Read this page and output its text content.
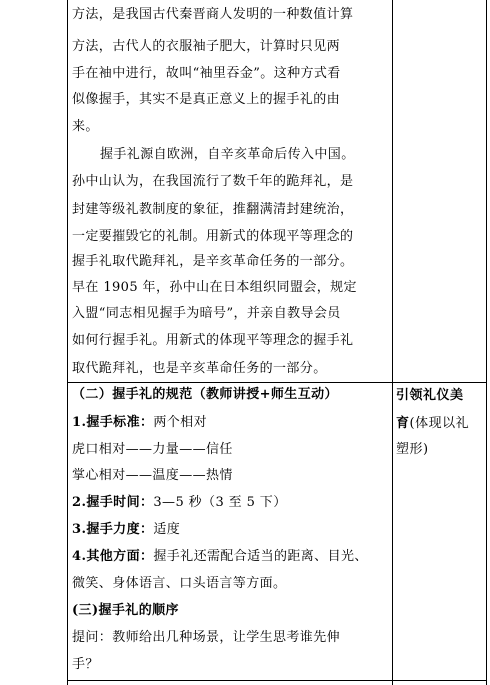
方法，是我国古代秦晋商人发明的一种数值计算
方法，古代人的衣服袖子肥大，计算时只见两
手在袖中进行，故叫“袖里吞金”。这种方式看
似像握手，其实不是真正意义上的握手礼的由
来。
握手礼源自欧洲，自辛亥革命后传入中国。
孙中山认为，在我国流行了数千年的跪拜礼，是
封建等级礼教制度的象征，推翻满清封建统治，
一定要摧毁它的礼制。用新式的体现平等理念的
握手礼取代跪拜礼，是辛亥革命任务的一部分。
早在 1905 年，孙中山在日本组织同盟会，规定
入盟“同志相见握手为暗号”，并亲自教导会员
如何行握手礼。用新式的体现平等理念的握手礼
取代跪拜礼，也是辛亥革命任务的一部分。
（二）握手礼的规范（教师讲授+师生互动）
1.握手标准：两个相对
虎口相对——力量——信任
掌心相对——温度——热情
2.握手时间：3—5 秒（3 至 5 下）
3.握手力度：适度
4.其他方面：握手礼还需配合适当的距离、目光、
微笑、身体语言、口头语言等方面。
(三)握手礼的顺序
提问：教师给出几种场景，让学生思考谁先伸
手？
引领礼仪美
育(体现以礼
塑形)
